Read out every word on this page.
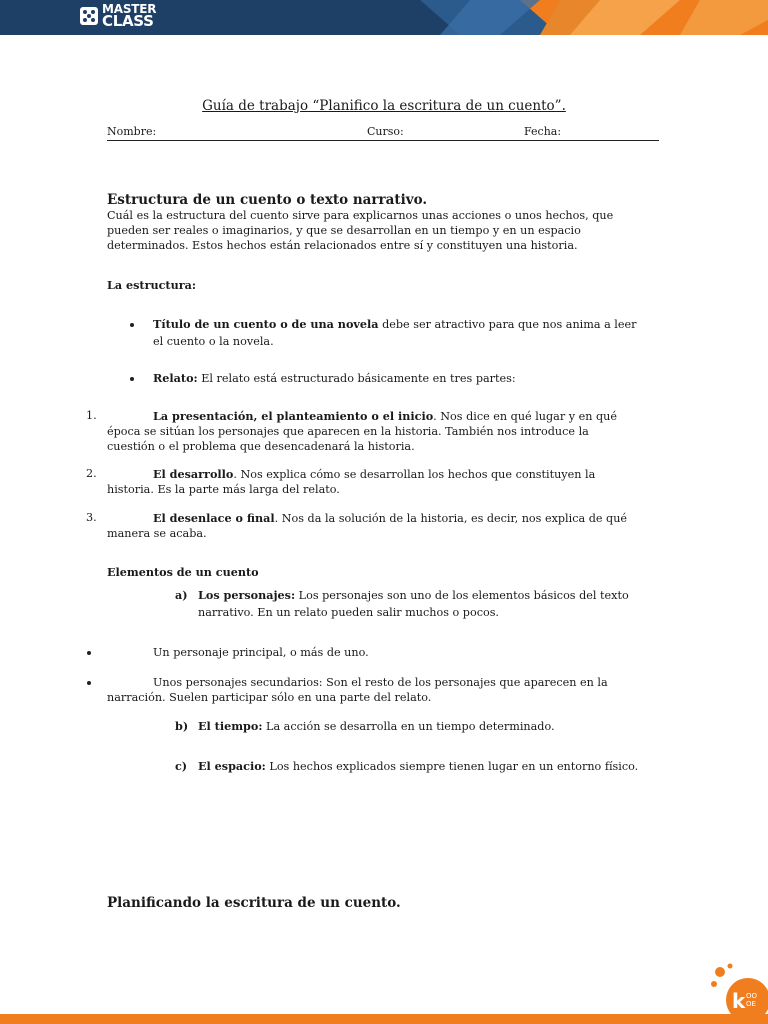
MASTER
CLASS
Guía de trabajo “Planifico la escritura de un cuento”.
Nombre:	Curso:	Fecha:
Estructura de un cuento o texto narrativo.
Cuál es la estructura del cuento sirve para explicarnos unas acciones o unos hechos, que
pueden ser reales o imaginarios, y que se desarrollan en un tiempo y en un espacio
determinados. Estos hechos están relacionados entre sí y constituyen una historia.
La estructura:
Título de un cuento o de una novela debe ser atractivo para que nos anima a leer
el cuento o la novela.
Relato: El relato está estructurado básicamente en tres partes:
1.	La presentación, el planteamiento o el inicio. Nos dice en qué lugar y en qué
época se sitúan los personajes que aparecen en la historia. También nos introduce la
cuestión o el problema que desencadenará la historia.
2.	El desarrollo. Nos explica cómo se desarrollan los hechos que constituyen la
historia. Es la parte más larga del relato.
3.	El desenlace o final. Nos da la solución de la historia, es decir, nos explica de qué
manera se acaba.
Elementos de un cuento
a) Los personajes: Los personajes son uno de los elementos básicos del texto
narrativo. En un relato pueden salir muchos o pocos.
Un personaje principal, o más de uno.
Unos personajes secundarios: Son el resto de los personajes que aparecen en la
narración. Suelen participar sólo en una parte del relato.
b) El tiempo: La acción se desarrolla en un tiempo determinado.
c) El espacio: Los hechos explicados siempre tienen lugar en un entorno físico.
Planificando la escritura de un cuento.
k OO
OE
